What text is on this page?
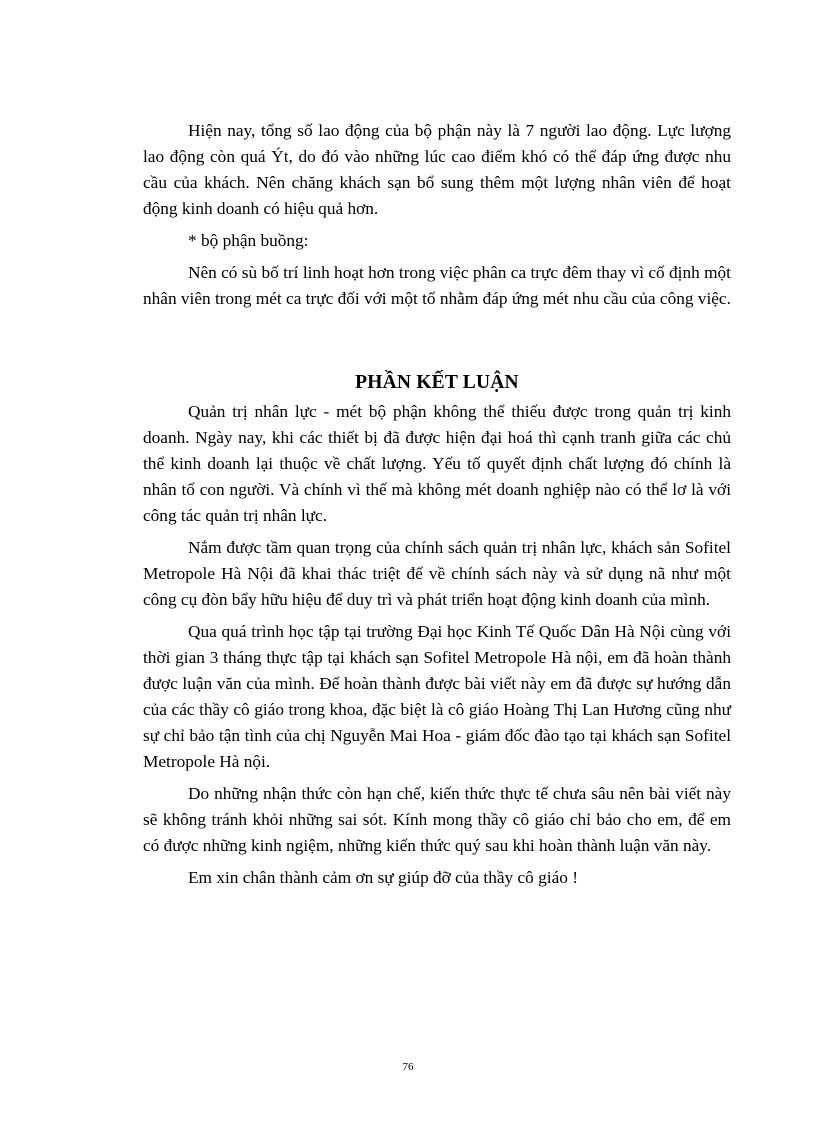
Hiện nay, tổng số lao động của bộ phận này là 7 người lao động. Lực lượng lao động còn quá Ýt, do đó vào những lúc cao điểm khó có thể đáp ứng được nhu cầu của khách. Nên chăng khách sạn bổ sung thêm một lượng nhân viên để hoạt động kinh doanh có hiệu quả hơn.

* bộ phận buồng:

Nên có sù bố trí linh hoạt hơn trong việc phân ca trực đêm thay vì cố định một nhân viên trong mét ca trực đối với một tổ nhằm đáp ứng mét nhu cầu của công việc.

PHẦN KẾT LUẬN

Quản trị nhân lực - mét bộ phận không thể thiếu được trong quản trị kinh doanh. Ngày nay, khi các thiết bị đã được hiện đại hoá thì cạnh tranh giữa các chủ thể kinh doanh lại thuộc về chất lượng. Yếu tố quyết định chất lượng đó chính là nhân tố con người. Và chính vì thế mà không mét doanh nghiệp nào có thể lơ là với công tác quản trị nhân lực.

Nắm được tầm quan trọng của chính sách quản trị nhân lực, khách sản Sofitel Metropole Hà Nội đã khai thác triệt để về chính sách này và sử dụng nã như một công cụ đòn bẩy hữu hiệu để duy trì và phát triển hoạt động kinh doanh của mình.

Qua quá trình học tập tại trường Đại học Kinh Tế Quốc Dân Hà Nội cùng với thời gian 3 tháng thực tập tại khách sạn Sofitel Metropole Hà nội, em đã hoàn thành được luận văn của mình. Để hoàn thành được bài viết này em đã được sự hướng dẫn của các thầy cô giáo trong khoa, đặc biệt là cô giáo Hoàng Thị Lan Hương cũng như sự chỉ bảo tận tình của chị Nguyễn Mai Hoa - giám đốc đào tạo tại khách sạn Sofitel Metropole Hà nội.

Do những nhận thức còn hạn chế, kiến thức thực tế chưa sâu nên bài viết này sẽ không tránh khỏi những sai sót. Kính mong thầy cô giáo chỉ bảo cho em, để em có được những kinh ngiệm, những kiến thức quý sau khi hoàn thành luận văn này.

Em xin chân thành cảm ơn sự giúp đỡ của thầy cô giáo !

76
